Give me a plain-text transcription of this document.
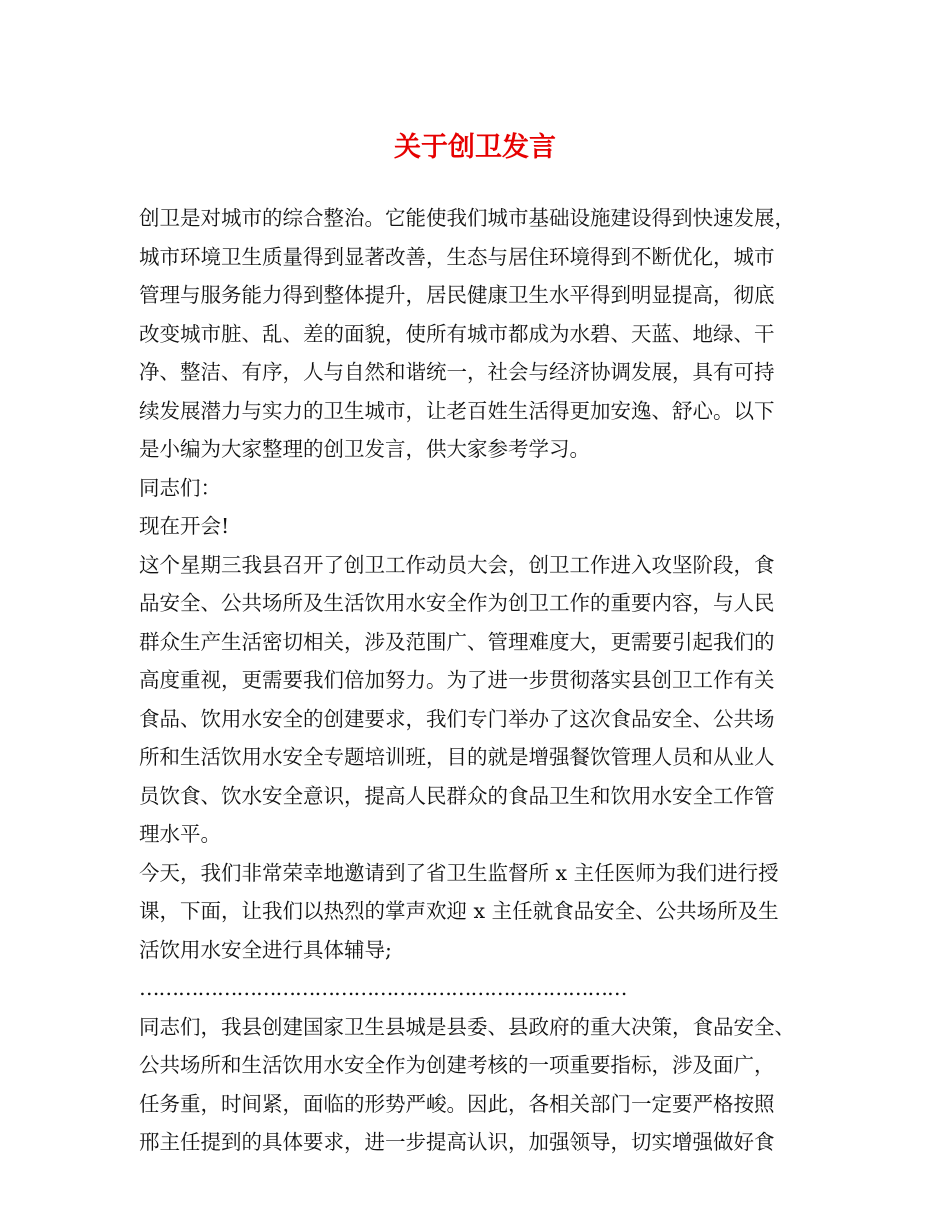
关于创卫发言

创卫是对城市的综合整治。它能使我们城市基础设施建设得到快速发展，

城市环境卫生质量得到显著改善，生态与居住环境得到不断优化，城市

管理与服务能力得到整体提升，居民健康卫生水平得到明显提高，彻底

改变城市脏、乱、差的面貌，使所有城市都成为水碧、天蓝、地绿、干

净、整洁、有序，人与自然和谐统一，社会与经济协调发展，具有可持

续发展潜力与实力的卫生城市，让老百姓生活得更加安逸、舒心。以下

是小编为大家整理的创卫发言，供大家参考学习。

同志们：

现在开会!

这个星期三我县召开了创卫工作动员大会，创卫工作进入攻坚阶段，食

品安全、公共场所及生活饮用水安全作为创卫工作的重要内容，与人民

群众生产生活密切相关，涉及范围广、管理难度大，更需要引起我们的

高度重视，更需要我们倍加努力。为了进一步贯彻落实县创卫工作有关

食品、饮用水安全的创建要求，我们专门举办了这次食品安全、公共场

所和生活饮用水安全专题培训班，目的就是增强餐饮管理人员和从业人

员饮食、饮水安全意识，提高人民群众的食品卫生和饮用水安全工作管

理水平。

今天，我们非常荣幸地邀请到了省卫生监督所 x 主任医师为我们进行授

课，下面，让我们以热烈的掌声欢迎 x 主任就食品安全、公共场所及生

活饮用水安全进行具体辅导;

…………………………………………………………………

同志们，我县创建国家卫生县城是县委、县政府的重大决策，食品安全、

公共场所和生活饮用水安全作为创建考核的一项重要指标，涉及面广，

任务重，时间紧，面临的形势严峻。因此，各相关部门一定要严格按照

邢主任提到的具体要求，进一步提高认识，加强领导，切实增强做好食
